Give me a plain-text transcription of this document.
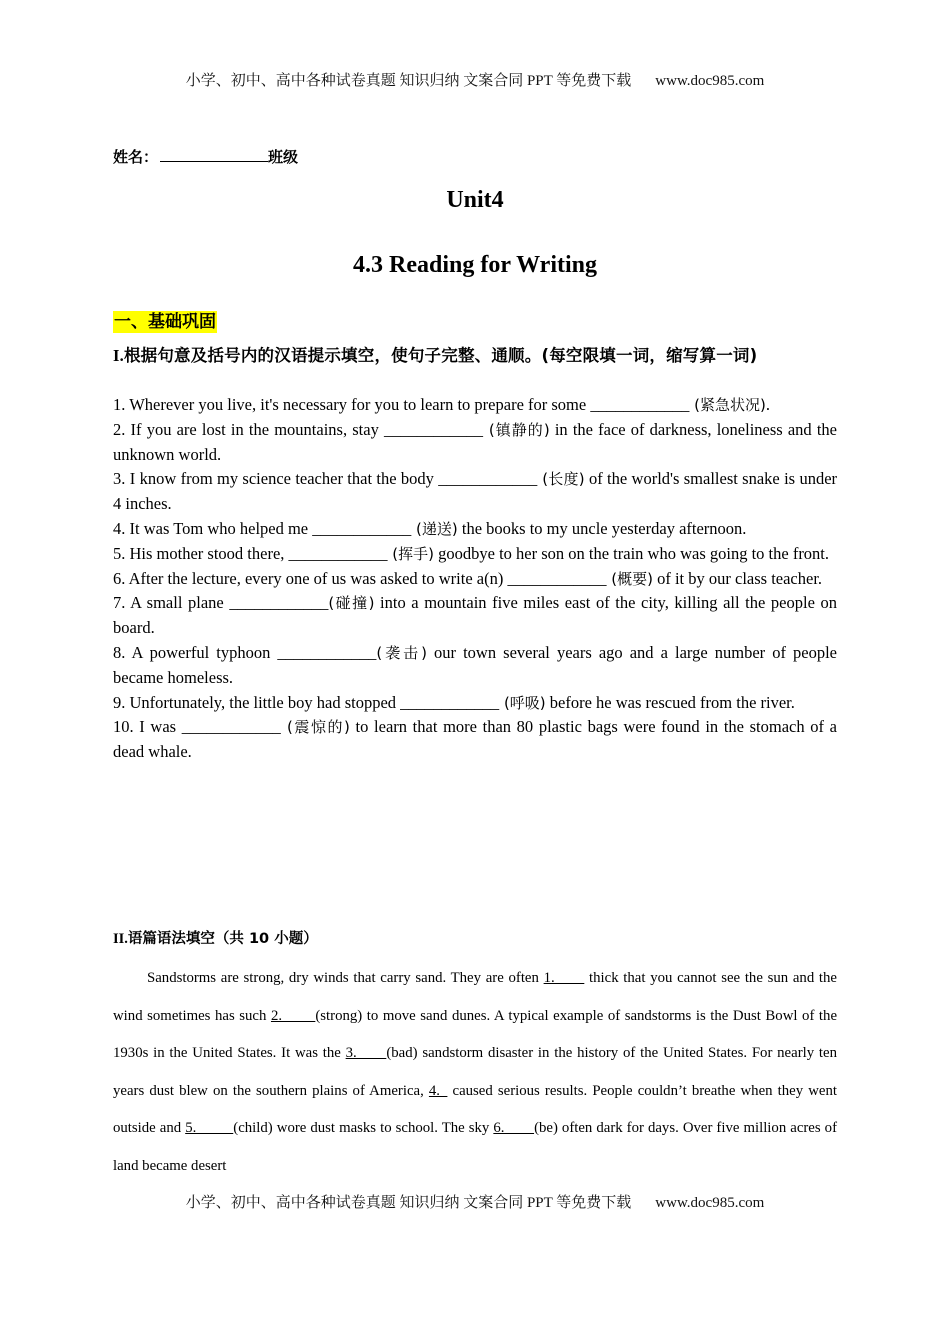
小学、初中、高中各种试卷真题 知识归纳 文案合同 PPT 等免费下载 www.doc985.com
姓名：	班级
Unit4
4.3 Reading for Writing
一、基础巩固
I.根据句意及括号内的汉语提示填空，使句子完整、通顺。(每空限填一词，缩写算一词)

1. Wherever you live, it's necessary for you to learn to prepare for some ____________ (紧急状况).

2. If you are lost in the mountains, stay ____________ (镇静的) in the face of darkness, loneliness and the unknown world.

3. I know from my science teacher that the body ____________ (长度) of the world's smallest snake is under 4 inches.

4. It was Tom who helped me ____________ (递送) the books to my uncle yesterday afternoon.

5. His mother stood there, ____________ (挥手) goodbye to her son on the train who was going to the front.

6. After the lecture, every one of us was asked to write a(n) ____________ (概要) of it by our class teacher.

7. A small plane ____________(碰撞) into a mountain five miles east of the city, killing all the people on board.

8. A powerful typhoon ____________(袭击) our town several years ago and a large number of people became homeless.

9. Unfortunately, the little boy had stopped ____________ (呼吸) before he was rescued from the river.

10. I was ____________ (震惊的) to learn that more than 80 plastic bags were found in the stomach of a dead whale.

II.语篇语法填空（共 10 小题）
Sandstorms are strong, dry winds that carry sand. They are often 1.         thick that you cannot see the sun and the wind sometimes has such 2.         (strong) to move sand dunes. A typical example of sandstorms is the Dust Bowl of the 1930s in the United States. It was the 3.        (bad) sandstorm disaster in the history of the United States. For nearly ten years dust blew on the southern plains of America, 4.   caused serious results. People couldn’t breathe when they went outside and 5.          (child) wore dust masks to school. The sky 6.        (be) often dark for days. Over five million acres of land became desert
小学、初中、高中各种试卷真题 知识归纳 文案合同 PPT 等免费下载 www.doc985.com
